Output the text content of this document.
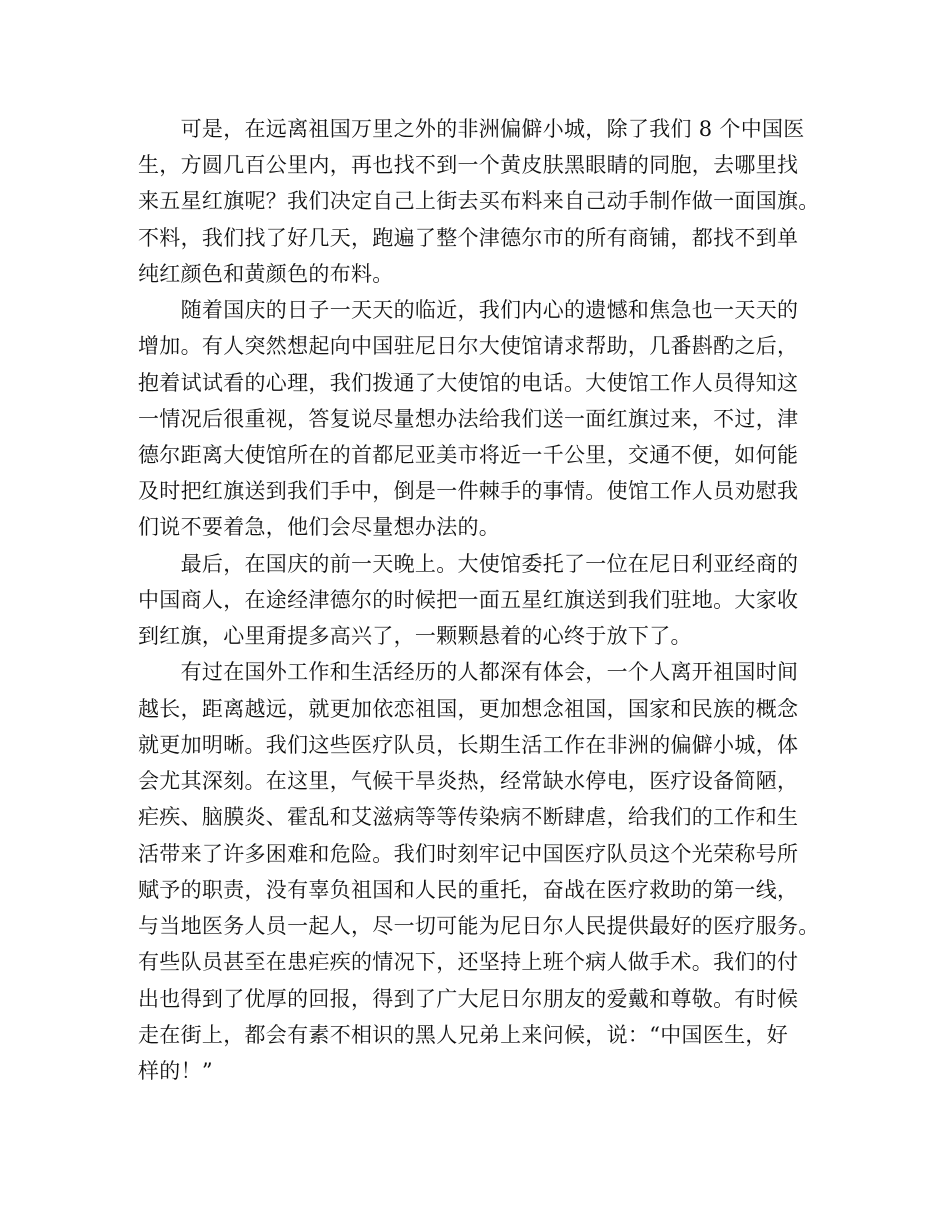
　　可是，在远离祖国万里之外的非洲偏僻小城，除了我们 8 个中国医
生，方圆几百公里内，再也找不到一个黄皮肤黑眼睛的同胞，去哪里找
来五星红旗呢？我们决定自己上街去买布料来自己动手制作做一面国旗。
不料，我们找了好几天，跑遍了整个津德尔市的所有商铺，都找不到单
纯红颜色和黄颜色的布料。
　　随着国庆的日子一天天的临近，我们内心的遗憾和焦急也一天天的
增加。有人突然想起向中国驻尼日尔大使馆请求帮助，几番斟酌之后，
抱着试试看的心理，我们拨通了大使馆的电话。大使馆工作人员得知这
一情况后很重视，答复说尽量想办法给我们送一面红旗过来，不过，津
德尔距离大使馆所在的首都尼亚美市将近一千公里，交通不便，如何能
及时把红旗送到我们手中，倒是一件棘手的事情。使馆工作人员劝慰我
们说不要着急，他们会尽量想办法的。
　　最后，在国庆的前一天晚上。大使馆委托了一位在尼日利亚经商的
中国商人，在途经津德尔的时候把一面五星红旗送到我们驻地。大家收
到红旗，心里甭提多高兴了，一颗颗悬着的心终于放下了。
　　有过在国外工作和生活经历的人都深有体会，一个人离开祖国时间
越长，距离越远，就更加依恋祖国，更加想念祖国，国家和民族的概念
就更加明晰。我们这些医疗队员，长期生活工作在非洲的偏僻小城，体
会尤其深刻。在这里，气候干旱炎热，经常缺水停电，医疗设备简陋，
疟疾、脑膜炎、霍乱和艾滋病等等传染病不断肆虐，给我们的工作和生
活带来了许多困难和危险。我们时刻牢记中国医疗队员这个光荣称号所
赋予的职责，没有辜负祖国和人民的重托，奋战在医疗救助的第一线，
与当地医务人员一起人，尽一切可能为尼日尔人民提供最好的医疗服务。
有些队员甚至在患疟疾的情况下，还坚持上班个病人做手术。我们的付
出也得到了优厚的回报，得到了广大尼日尔朋友的爱戴和尊敬。有时候
走在街上，都会有素不相识的黑人兄弟上来问候，说：“中国医生，好
样的！”
